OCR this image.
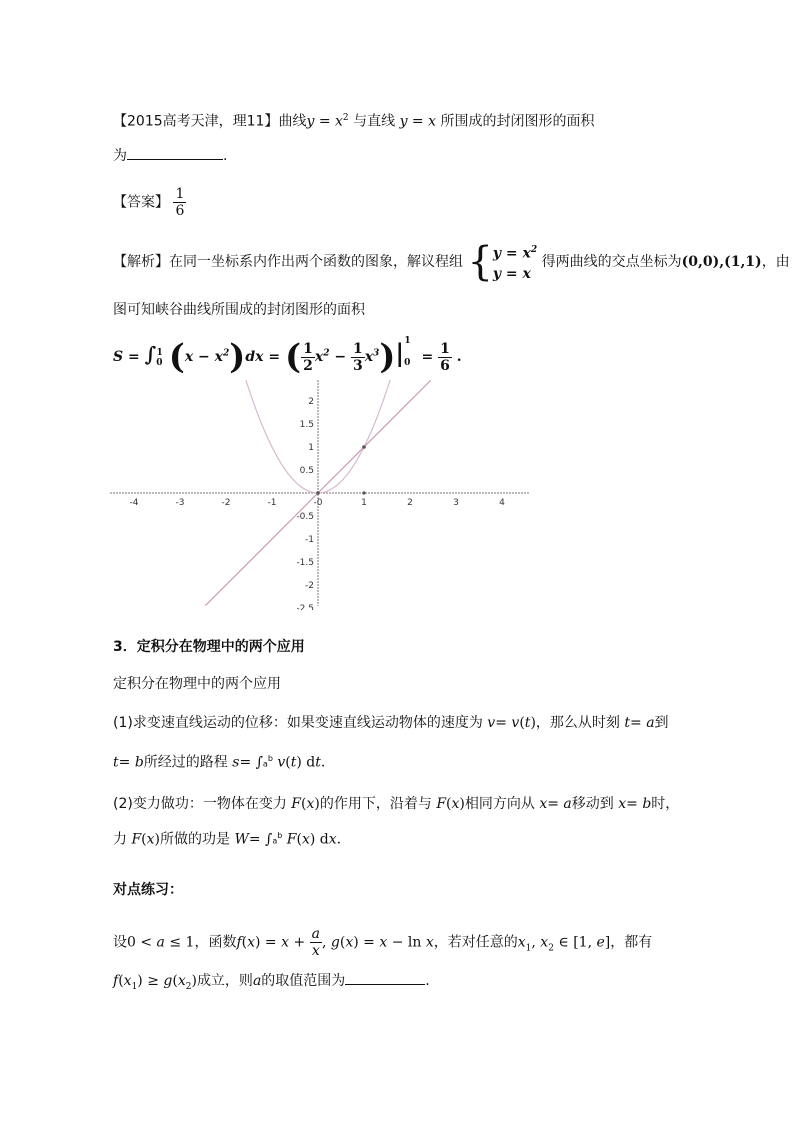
【2015高考天津，理11】曲线$y = x^2$ 与直线 y = x 所围成的封闭图形的面积
为	.
【答案】 $\frac{1}{6}$
【解析】在同一坐标系内作出两个函数的图象，解议程组 { $y = x^2$
y = x
得两曲线的交点坐标为(0,0),(1,1)，由
图可知峡谷曲线所围成的封闭图形的面积
$S = \int_0^1$ $(x - x^2)dx$ = ( $\frac{1}{2} x^2 - \frac{1}{3} x^3)|_0^1 = \frac{1}{6}$ .
-4	-3	-2	-1	-0	1	2	3	4
2
1.5
1
0.5
-0.5
-1
-1.5
-2
-2.5
3．定积分在物理中的两个应用
定积分在物理中的两个应用
(1)求变速直线运动的位移：如果变速直线运动物体的速度为 v= v(t)，那么从时刻 t= a到
t= b所经过的路程 $s= \int a^b$ v(t) dt.
(2)变力做功：一物体在变力 F(x)的作用下，沿着与 F(x)相同方向从 x= a移动到 x= b时，
力 F(x)所做的功是 $W= \int a^b$ F(x) dx.
对点练习：
设0 < a ≤ 1，函数$f(x) = x + \frac{a}{x}$ , g(x) = x − ln x，若对任意的$x_1$, $x_2$ ∈ [1, e]，都有
$f(x_1) \ge g(x_2)$成立，则a的取值范围为	.
